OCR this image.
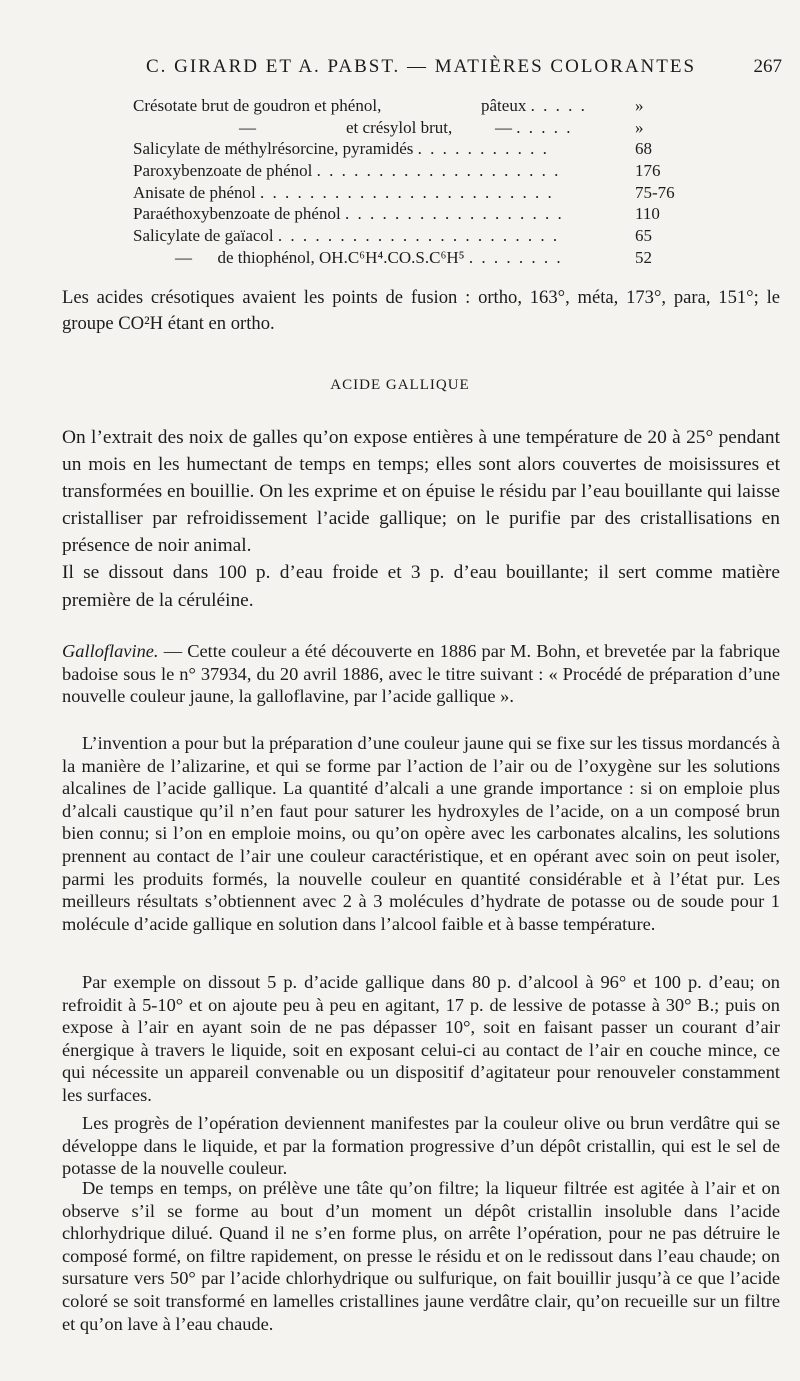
C. GIRARD ET A. PABST. — MATIÈRES COLORANTES	267
Crésotate brut de goudron et phénol,	pâteux . . . . .	»
—	et crésylol brut,	— . . . . .	»
Salicylate de méthylrésorcine, pyramidés . . . . . . . . . . .	68
Paroxybenzoate de phénol . . . . . . . . . . . . . . . . . . . .	176
Anisate de phénol . . . . . . . . . . . . . . . . . . . . . . . .	75-76
Paraéthoxybenzoate de phénol . . . . . . . . . . . . . . . . . .	110
Salicylate de gaïacol . . . . . . . . . . . . . . . . . . . . . . .	65
—      de thiophénol, OH.C⁶H⁴.CO.S.C⁶H⁵ . . . . . . . .	52
Les acides crésotiques avaient les points de fusion : ortho, 163°, méta, 173°, para, 151°; le groupe CO²H étant en ortho.
ACIDE GALLIQUE
On l’extrait des noix de galles qu’on expose entières à une température de 20 à 25° pendant un mois en les humectant de temps en temps; elles sont alors couvertes de moisissures et transformées en bouillie. On les exprime et on épuise le résidu par l’eau bouillante qui laisse cristalliser par refroidissement l’acide gallique; on le purifie par des cristallisations en présence de noir animal.
Il se dissout dans 100 p. d’eau froide et 3 p. d’eau bouillante; il sert comme matière première de la céruléine.
Galloflavine. — Cette couleur a été découverte en 1886 par M. Bohn, et brevetée par la fabrique badoise sous le n° 37934, du 20 avril 1886, avec le titre suivant : « Procédé de préparation d’une nouvelle couleur jaune, la galloflavine, par l’acide gallique ».
L’invention a pour but la préparation d’une couleur jaune qui se fixe sur les tissus mordancés à la manière de l’alizarine, et qui se forme par l’action de l’air ou de l’oxygène sur les solutions alcalines de l’acide gallique. La quantité d’alcali a une grande importance : si on emploie plus d’alcali caustique qu’il n’en faut pour saturer les hydroxyles de l’acide, on a un composé brun bien connu; si l’on en emploie moins, ou qu’on opère avec les carbonates alcalins, les solutions prennent au contact de l’air une couleur caractéristique, et en opérant avec soin on peut isoler, parmi les produits formés, la nouvelle couleur en quantité considérable et à l’état pur. Les meilleurs résultats s’obtiennent avec 2 à 3 molécules d’hydrate de potasse ou de soude pour 1 molécule d’acide gallique en solution dans l’alcool faible et à basse température.
Par exemple on dissout 5 p. d’acide gallique dans 80 p. d’alcool à 96° et 100 p. d’eau; on refroidit à 5-10° et on ajoute peu à peu en agitant, 17 p. de lessive de potasse à 30° B.; puis on expose à l’air en ayant soin de ne pas dépasser 10°, soit en faisant passer un courant d’air énergique à travers le liquide, soit en exposant celui-ci au contact de l’air en couche mince, ce qui nécessite un appareil convenable ou un dispositif d’agitateur pour renouveler constamment les surfaces.
Les progrès de l’opération deviennent manifestes par la couleur olive ou brun verdâtre qui se développe dans le liquide, et par la formation progressive d’un dépôt cristallin, qui est le sel de potasse de la nouvelle couleur.
De temps en temps, on prélève une tâte qu’on filtre; la liqueur filtrée est agitée à l’air et on observe s’il se forme au bout d’un moment un dépôt cristallin insoluble dans l’acide chlorhydrique dilué. Quand il ne s’en forme plus, on arrête l’opération, pour ne pas détruire le composé formé, on filtre rapidement, on presse le résidu et on le redissout dans l’eau chaude; on sursature vers 50° par l’acide chlorhydrique ou sulfurique, on fait bouillir jusqu’à ce que l’acide coloré se soit transformé en lamelles cristallines jaune verdâtre clair, qu’on recueille sur un filtre et qu’on lave à l’eau chaude.
